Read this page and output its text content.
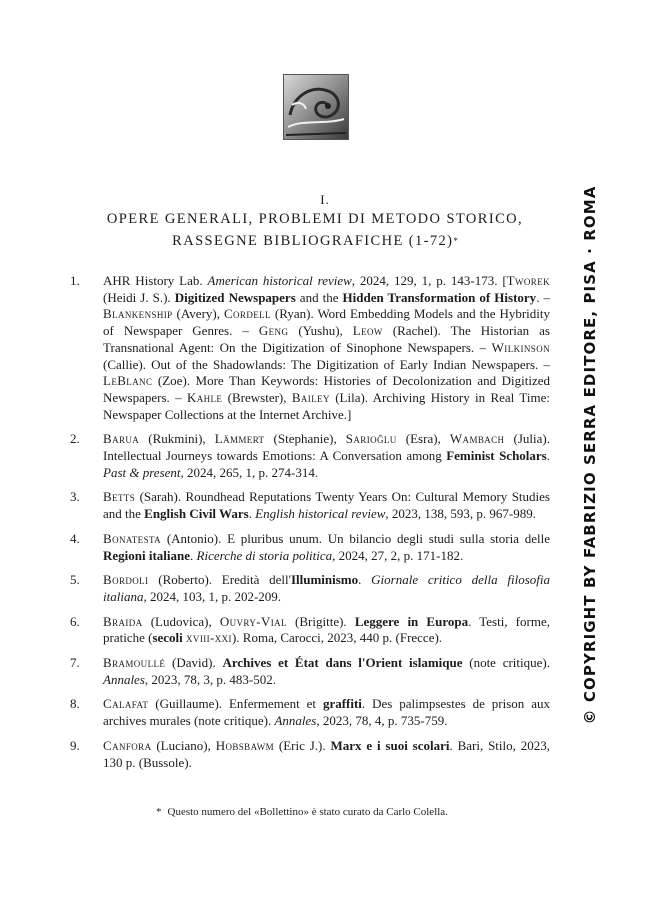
I.
OPERE GENERALI, PROBLEMI DI METODO STORICO,
RASSEGNE BIBLIOGRAFICHE (1-72)*
1. AHR History Lab. American historical review, 2024, 129, 1, p. 143-173. [Tworek (Heidi J. S.). Digitized Newspapers and the Hidden Transformation of History. – Blankenship (Avery), Cordell (Ryan). Word Embedding Models and the Hybridity of Newspaper Genres. – Geng (Yushu), Leow (Rachel). The Historian as Transnational Agent: On the Digitization of Sinophone Newspapers. – Wilkinson (Callie). Out of the Shadowlands: The Digitization of Early Indian Newspapers. – LeBlanc (Zoe). More Than Keywords: Histories of Decolonization and Digitized Newspapers. – Kahle (Brewster), Bailey (Lila). Archiving History in Real Time: Newspaper Collections at the Internet Archive.]
2. Barua (Rukmini), Lämmert (Stephanie), Sarioğlu (Esra), Wambach (Julia). Intellectual Journeys towards Emotions: A Conversation among Feminist Scholars. Past & present, 2024, 265, 1, p. 274-314.
3. Betts (Sarah). Roundhead Reputations Twenty Years On: Cultural Memory Studies and the English Civil Wars. English historical review, 2023, 138, 593, p. 967-989.
4. Bonatesta (Antonio). E pluribus unum. Un bilancio degli studi sulla storia delle Regioni italiane. Ricerche di storia politica, 2024, 27, 2, p. 171-182.
5. Bordoli (Roberto). Eredità dell'Illuminismo. Giornale critico della filosofia italiana, 2024, 103, 1, p. 202-209.
6. Braida (Ludovica), Ouvry-Vial (Brigitte). Leggere in Europa. Testi, forme, pratiche (secoli xviii-xxi). Roma, Carocci, 2023, 440 p. (Frecce).
7. Bramoullé (David). Archives et État dans l'Orient islamique (note critique). Annales, 2023, 78, 3, p. 483-502.
8. Calafat (Guillaume). Enfermement et graffiti. Des palimpsestes de prison aux archives murales (note critique). Annales, 2023, 78, 4, p. 735-759.
9. Canfora (Luciano), Hobsbawm (Eric J.). Marx e i suoi scolari. Bari, Stilo, 2023, 130 p. (Bussole).
* Questo numero del «Bollettino» è stato curato da Carlo Colella.
© COPYRIGHT BY FABRIZIO SERRA EDITORE, PISA · ROMA
